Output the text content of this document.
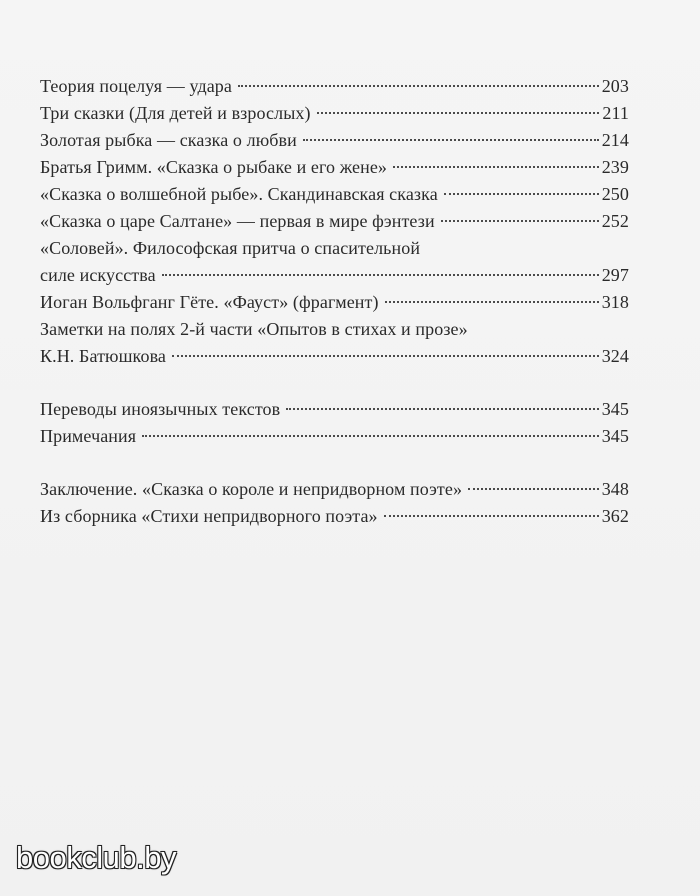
Теория поцелуя — удара	203
Три сказки (Для детей и взрослых)	211
Золотая рыбка — сказка о любви	214
Братья Гримм. «Сказка о рыбаке и его жене»	239
«Сказка о волшебной рыбе». Скандинавская сказка	250
«Сказка о царе Салтане» — первая в мире фэнтези	252
«Соловей». Философская притча о спасительной
силе искусства	297
Иоган Вольфганг Гёте. «Фауст» (фрагмент)	318
Заметки на полях 2-й части «Опытов в стихах и прозе»
К.Н. Батюшкова	324
Переводы иноязычных текстов	345
Примечания	345
Заключение. «Сказка о короле и непридворном поэте»	348
Из сборника «Стихи непридворного поэта»	362
bookclub.by
